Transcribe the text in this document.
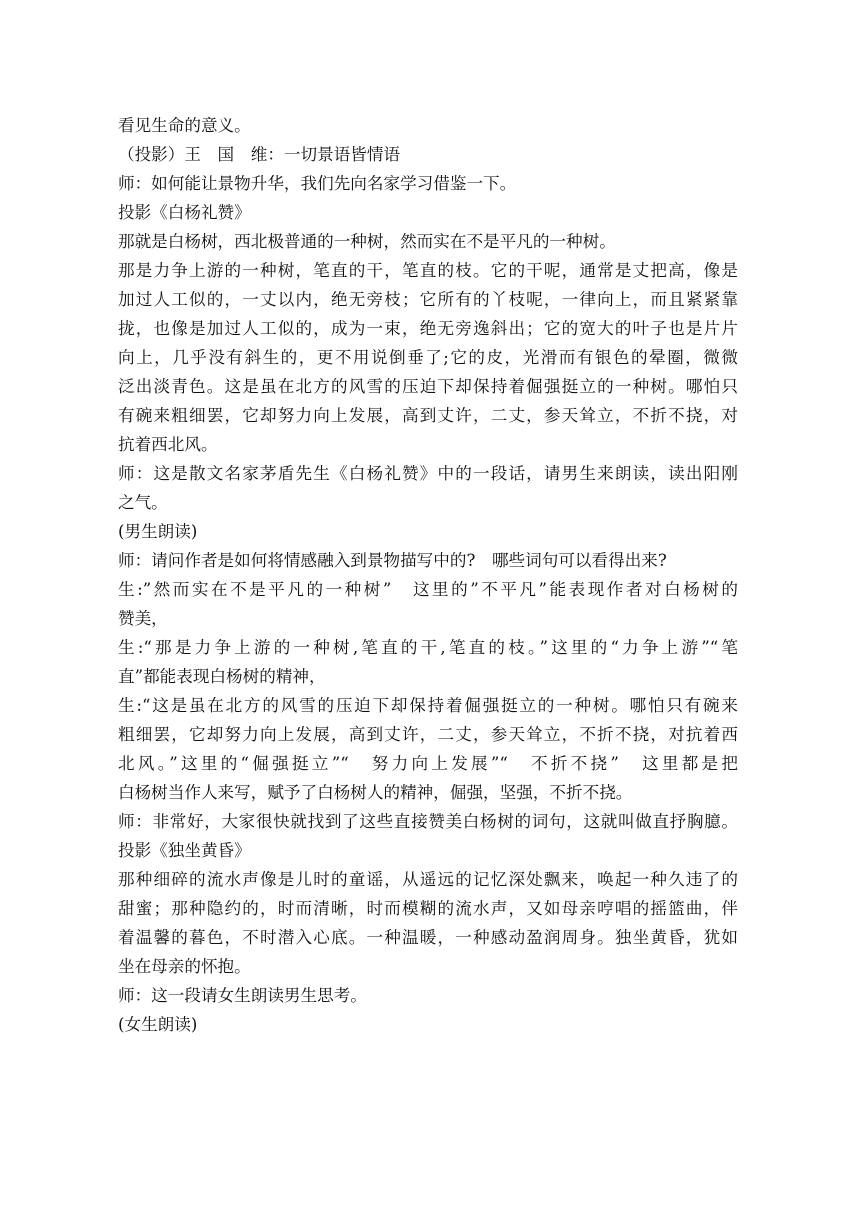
看见生命的意义。
（投影）王　国　维：一切景语皆情语
师：如何能让景物升华，我们先向名家学习借鉴一下。
投影《白杨礼赞》
那就是白杨树，西北极普通的一种树，然而实在不是平凡的一种树。
那是力争上游的一种树，笔直的干，笔直的枝。它的干呢，通常是丈把高，像是
加过人工似的，一丈以内，绝无旁枝；它所有的丫枝呢，一律向上，而且紧紧靠
拢，也像是加过人工似的，成为一束，绝无旁逸斜出；它的宽大的叶子也是片片
向上，几乎没有斜生的，更不用说倒垂了;它的皮，光滑而有银色的晕圈，微微
泛出淡青色。这是虽在北方的风雪的压迫下却保持着倔强挺立的一种树。哪怕只
有碗来粗细罢，它却努力向上发展，高到丈许，二丈，参天耸立，不折不挠，对
抗着西北风。
师：这是散文名家茅盾先生《白杨礼赞》中的一段话，请男生来朗读，读出阳刚
之气。
(男生朗读)
师：请问作者是如何将情感融入到景物描写中的?　哪些词句可以看得出来?
生:”然而实在不是平凡的一种树”　这里的”不平凡”能表现作者对白杨树的
赞美，
生:“那是力争上游的一种树,笔直的干,笔直的枝。”这里的“力争上游”“笔
直”都能表现白杨树的精神，
生:“这是虽在北方的风雪的压迫下却保持着倔强挺立的一种树。哪怕只有碗来
粗细罢，它却努力向上发展，高到丈许，二丈，参天耸立，不折不挠，对抗着西
北风。”这里的“倔强挺立”“　努力向上发展”“　不折不挠”　这里都是把
白杨树当作人来写，赋予了白杨树人的精神，倔强，坚强，不折不挠。
师：非常好，大家很快就找到了这些直接赞美白杨树的词句，这就叫做直抒胸臆。
投影《独坐黄昏》
那种细碎的流水声像是儿时的童谣，从遥远的记忆深处飘来，唤起一种久违了的
甜蜜；那种隐约的，时而清晰，时而模糊的流水声，又如母亲哼唱的摇篮曲，伴
着温馨的暮色，不时潜入心底。一种温暖，一种感动盈润周身。独坐黄昏，犹如
坐在母亲的怀抱。
师：这一段请女生朗读男生思考。
(女生朗读)
